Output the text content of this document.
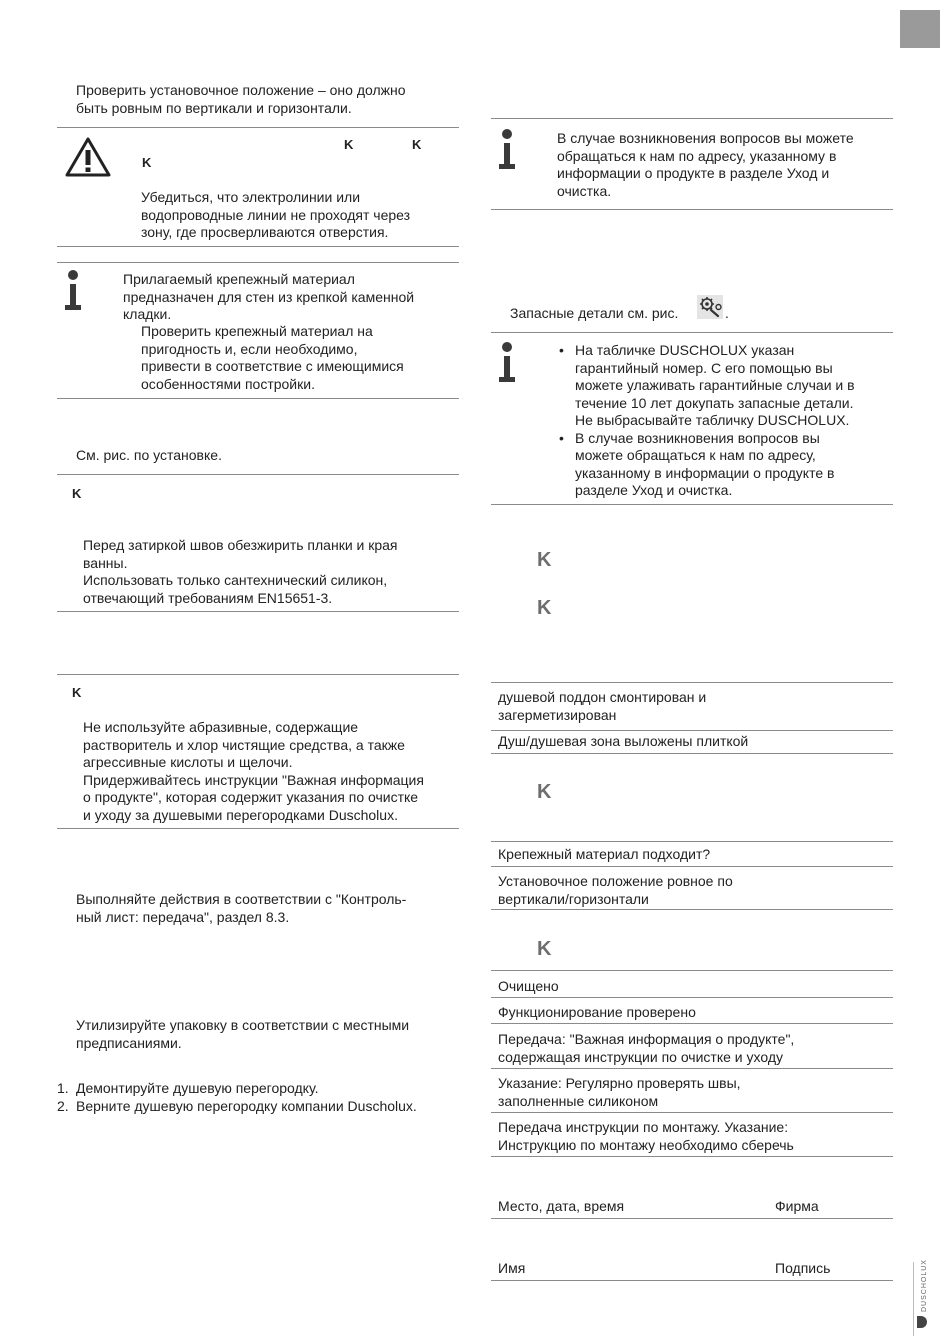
Проверить установочное положение – оно должно
быть ровным по вертикали и горизонтали.
K	K
K
Убедиться, что электролинии или
водопроводные линии не проходят через
зону, где просверливаются отверстия.
Прилагаемый крепежный материал
предназначен для стен из крепкой каменной
кладки.
Проверить крепежный материал на
пригодность и, если необходимо,
привести в соответствие с имеющимися
особенностями постройки.
См. рис. по установке.
K
Перед затиркой швов обезжирить планки и края
ванны.
Использовать только сантехнический силикон,
отвечающий требованиям EN15651-3.
K
Не используйте абразивные, содержащие
растворитель и хлор чистящие средства, а также
агрессивные кислоты и щелочи.
Придерживайтесь инструкции "Важная информация
о продукте", которая содержит указания по очистке
и уходу за душевыми перегородками Duscholux.
Выполняйте действия в соответствии с "Контроль-
ный лист: передача", раздел 8.3.
Утилизируйте упаковку в соответствии с местными
предписаниями.
1. Демонтируйте душевую перегородку.
2. Верните душевую перегородку компании Duscholux.
В случае возникновения вопросов вы можете
обращаться к нам по адресу, указанному в
информации о продукте в разделе Уход и
очистка.
Запасные детали см. рис.	.
• На табличке DUSCHOLUX указан
гарантийный номер. С его помощью вы
можете улаживать гарантийные случаи и в
течение 10 лет докупать запасные детали.
Не выбрасывайте табличку DUSCHOLUX.
• В случае возникновения вопросов вы
можете обращаться к нам по адресу,
указанному в информации о продукте в
разделе Уход и очистка.
K
K
душевой поддон смонтирован и
загерметизирован
Душ/душевая зона выложены плиткой
K
Крепежный материал подходит?
Установочное положение ровное по
вертикали/горизонтали
K
Очищено
Функционирование проверено
Передача: "Важная информация о продукте",
содержащая инструкции по очистке и уходу
Указание: Регулярно проверять швы,
заполненные силиконом
Передача инструкции по монтажу. Указание:
Инструкцию по монтажу необходимо сберечь
Место, дата, время	Фирма
Имя	Подпись	DUSCHOLUX
